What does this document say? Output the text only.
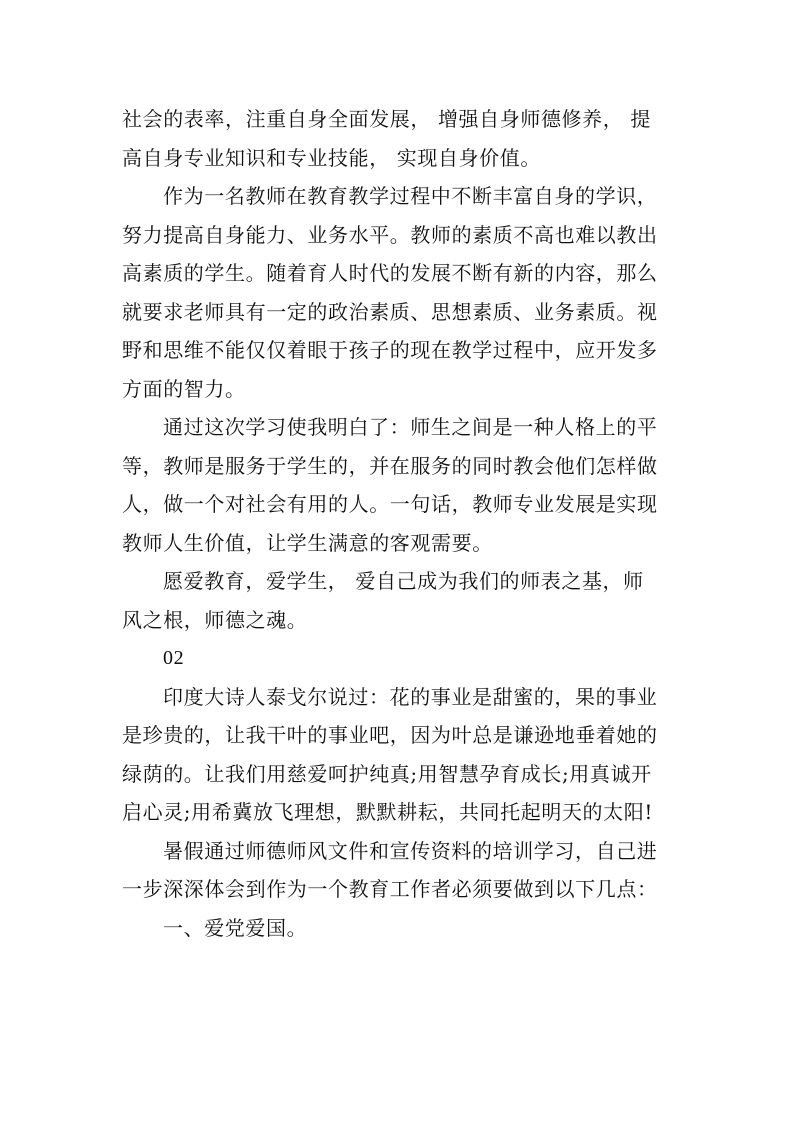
社会的表率，注重自身全面发展， 增强自身师德修养， 提
高自身专业知识和专业技能， 实现自身价值。

作为一名教师在教育教学过程中不断丰富自身的学识，
努力提高自身能力、业务水平。教师的素质不高也难以教出
高素质的学生。随着育人时代的发展不断有新的内容，那么
就要求老师具有一定的政治素质、思想素质、业务素质。视
野和思维不能仅仅着眼于孩子的现在教学过程中，应开发多
方面的智力。

通过这次学习使我明白了：师生之间是一种人格上的平
等，教师是服务于学生的，并在服务的同时教会他们怎样做
人，做一个对社会有用的人。一句话，教师专业发展是实现
教师人生价值，让学生满意的客观需要。

愿爱教育，爱学生， 爱自己成为我们的师表之基，师
风之根，师德之魂。

02

印度大诗人泰戈尔说过：花的事业是甜蜜的，果的事业
是珍贵的，让我干叶的事业吧，因为叶总是谦逊地垂着她的
绿荫的。让我们用慈爱呵护纯真;用智慧孕育成长;用真诚开
启心灵;用希冀放飞理想，默默耕耘，共同托起明天的太阳!

暑假通过师德师风文件和宣传资料的培训学习，自己进
一步深深体会到作为一个教育工作者必须要做到以下几点：

一、爱党爱国。
